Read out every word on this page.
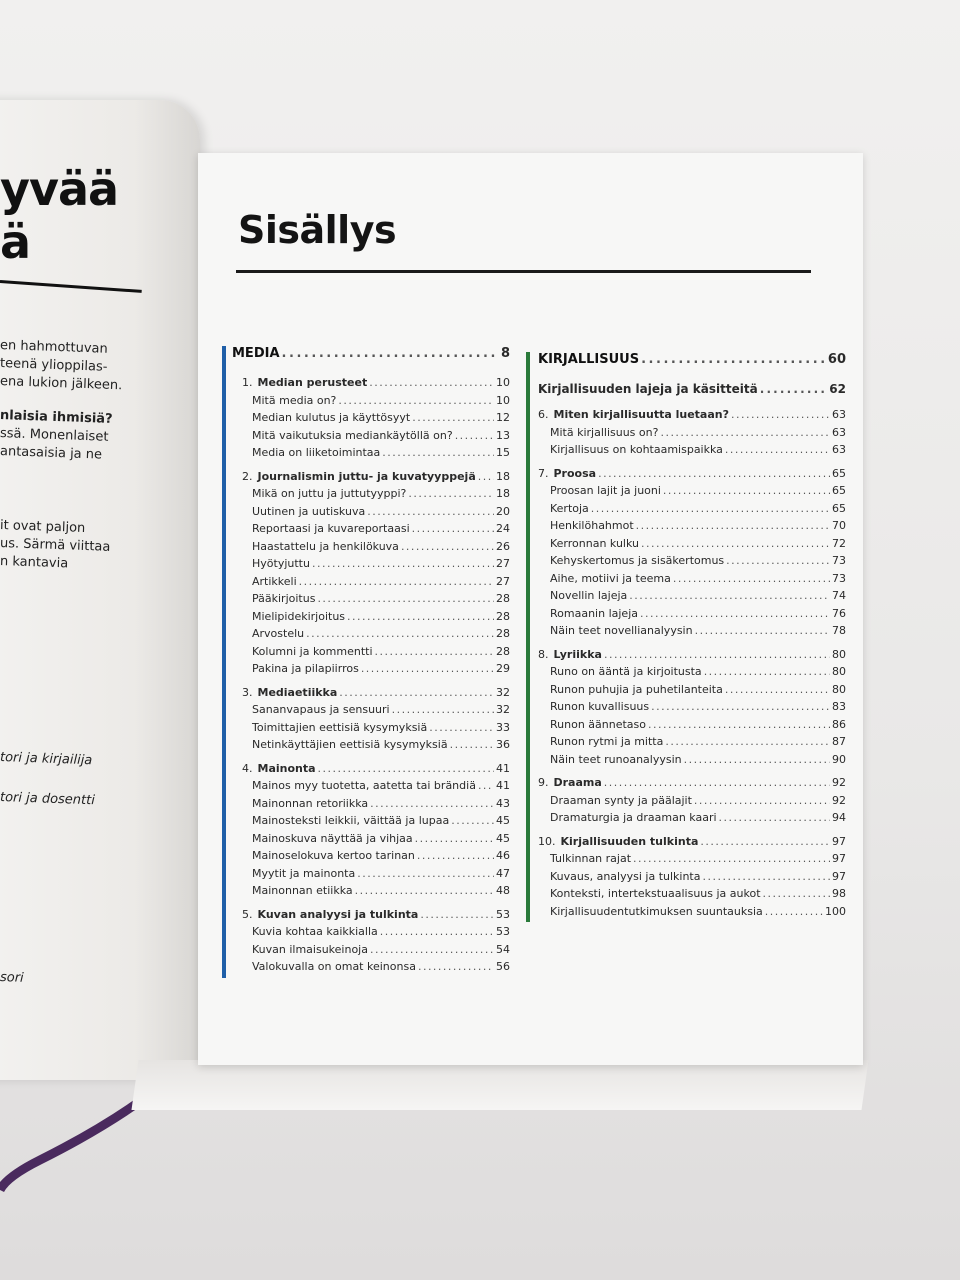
yvää
ä
en hahmottuvan
teenä ylioppilas-
ena lukion jälkeen.
nlaisia ihmisiä?
ssä. Monenlaiset
antasaisia ja ne
it ovat paljon
us. Särmä viittaa
n kantavia
tori ja kirjailija
tori ja dosentti
sori
Sisällys
MEDIA . . .	8
1. Median perusteet . . .	10
Mitä media on? . . .	10
Median kulutus ja käyttösyyt . . .	12
Mitä vaikutuksia mediankäytöllä on? . . .	13
Media on liiketoimintaa . . .	15
2. Journalismin juttu- ja kuvatyyppejä . . . 18
Mikä on juttu ja juttutyyppi? . . .	18
Uutinen ja uutiskuva . . .	20
Reportaasi ja kuvareportaasi . . .	24
Haastattelu ja henkilökuva . . .	26
Hyötyjuttu . . .	27
Artikkeli . . .	27
Pääkirjoitus . . .	28
Mielipidekirjoitus . . .	28
Arvostelu . . .	28
Kolumni ja kommentti . . .	28
Pakina ja pilapiirros . . .	29
3. Mediaetiikka . . .	32
Sananvapaus ja sensuuri . . .	32
Toimittajien eettisiä kysymyksiä . . .	33
Netinkäyttäjien eettisiä kysymyksiä . . .	36
4. Mainonta . . .	41
Mainos myy tuotetta, aatetta tai brändiä . . . 41
Mainonnan retoriikka . . .	43
Mainosteksti leikkii, väittää ja lupaa . . .	45
Mainoskuva näyttää ja vihjaa . . .	45
Mainoselokuva kertoo tarinan . . .	46
Myytit ja mainonta . . .	47
Mainonnan etiikka . . .	48
5. Kuvan analyysi ja tulkinta . . .	53
Kuvia kohtaa kaikkialla . . .	53
Kuvan ilmaisukeinoja . . .	54
Valokuvalla on omat keinonsa . . .	56
KIRJALLISUUS . . .	60
Kirjallisuuden lajeja ja käsitteitä . . .	62
6. Miten kirjallisuutta luetaan? . . .	63
Mitä kirjallisuus on? . . .	63
Kirjallisuus on kohtaamispaikka . . .	63
7. Proosa . . .	65
Proosan lajit ja juoni . . .	65
Kertoja . . .	65
Henkilöhahmot . . .	70
Kerronnan kulku . . .	72
Kehyskertomus ja sisäkertomus . . .	73
Aihe, motiivi ja teema . . .	73
Novellin lajeja . . .	74
Romaanin lajeja . . .	76
Näin teet novellianalyysin . . .	78
8. Lyriikka . . .	80
Runo on ääntä ja kirjoitusta . . .	80
Runon puhujia ja puhetilanteita . . .	80
Runon kuvallisuus . . .	83
Runon äännetaso . . .	86
Runon rytmi ja mitta . . .	87
Näin teet runoanalyysin . . .	90
9. Draama . . .	92
Draaman synty ja päälajit . . .	92
Dramaturgia ja draaman kaari . . .	94
10. Kirjallisuuden tulkinta . . .	97
Tulkinnan rajat . . .	97
Kuvaus, analyysi ja tulkinta . . .	97
Konteksti, intertekstuaalisuus ja aukot . . .	98
Kirjallisuudentutkimuksen suuntauksia . . .	100
